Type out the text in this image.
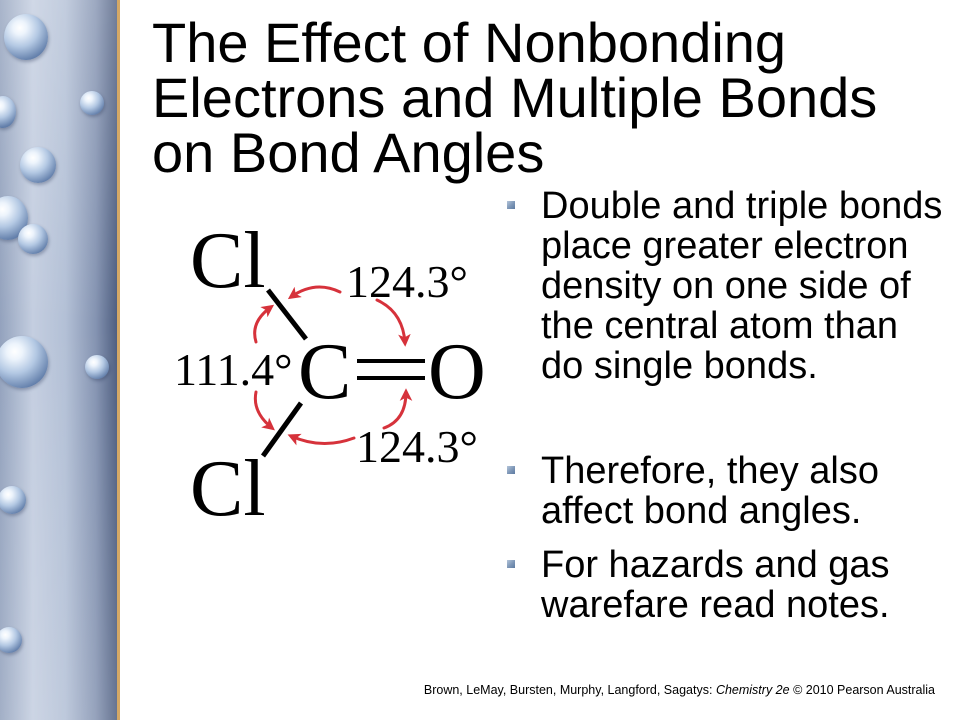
The Effect of Nonbonding
Electrons and Multiple Bonds
on Bond Angles
Cl
C O
Cl
124.3°
111.4°
124.3°
Double and triple bonds
place greater electron
density on one side of
the central atom than
do single bonds.
Therefore, they also
affect bond angles.
For hazards and gas
warefare read notes.
Brown, LeMay, Bursten, Murphy, Langford, Sagatys: Chemistry 2e © 2010 Pearson Australia
